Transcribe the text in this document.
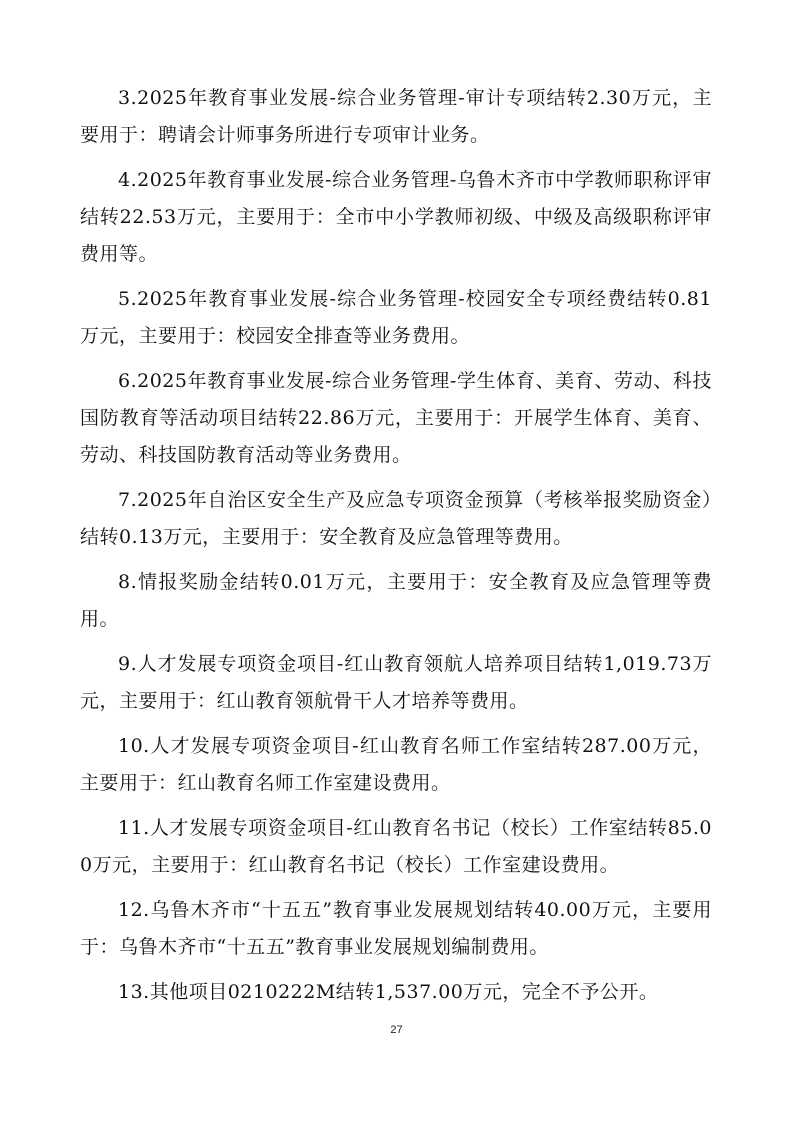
3.2025年教育事业发展-综合业务管理-审计专项结转2.30万元，主要用于：聘请会计师事务所进行专项审计业务。

4.2025年教育事业发展-综合业务管理-乌鲁木齐市中学教师职称评审结转22.53万元，主要用于：全市中小学教师初级、中级及高级职称评审费用等。

5.2025年教育事业发展-综合业务管理-校园安全专项经费结转0.81万元，主要用于：校园安全排查等业务费用。

6.2025年教育事业发展-综合业务管理-学生体育、美育、劳动、科技国防教育等活动项目结转22.86万元，主要用于：开展学生体育、美育、劳动、科技国防教育活动等业务费用。

7.2025年自治区安全生产及应急专项资金预算（考核举报奖励资金）结转0.13万元，主要用于：安全教育及应急管理等费用。

8.情报奖励金结转0.01万元，主要用于：安全教育及应急管理等费用。

9.人才发展专项资金项目-红山教育领航人培养项目结转1,019.73万元，主要用于：红山教育领航骨干人才培养等费用。

10.人才发展专项资金项目-红山教育名师工作室结转287.00万元，主要用于：红山教育名师工作室建设费用。

11.人才发展专项资金项目-红山教育名书记（校长）工作室结转85.00万元，主要用于：红山教育名书记（校长）工作室建设费用。

12.乌鲁木齐市“十五五”教育事业发展规划结转40.00万元，主要用于：乌鲁木齐市“十五五”教育事业发展规划编制费用。

13.其他项目0210222M结转1,537.00万元，完全不予公开。

27
